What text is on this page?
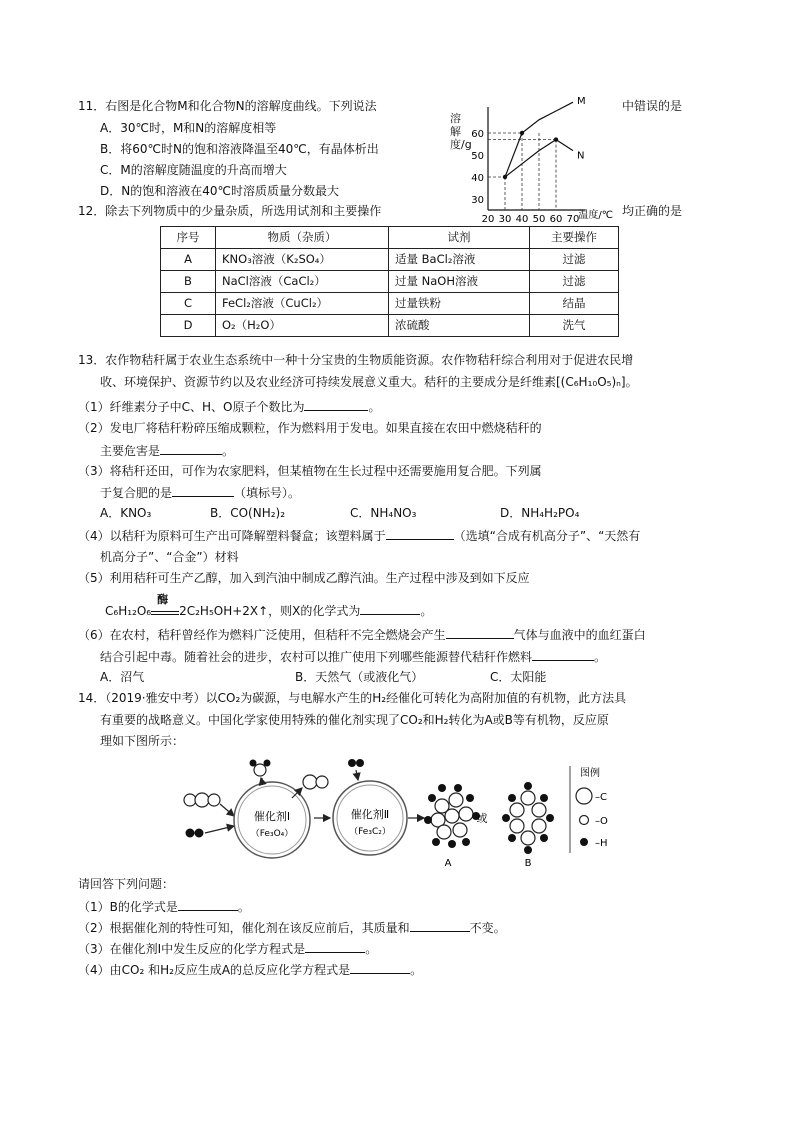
11．右图是化合物M和化合物N的溶解度曲线。下列说法	中错误的是
A．30℃时，M和N的溶解度相等
B．将60℃时N的饱和溶液降温至40℃，有晶体析出
C．M的溶解度随温度的升高而增大
D．N的饱和溶液在40℃时溶质质量分数最大
M
N
20 30 40 50 60 70 温度/℃
30
40
50
60
溶解度/g
12．除去下列物质中的少量杂质，所选用试剂和主要操作	均正确的是
序号	物质（杂质）	试剂	主要操作
A	KNO₃溶液（K₂SO₄）	适量 BaCl₂溶液	过滤
B	NaCl溶液（CaCl₂）	过量 NaOH溶液	过滤
C	FeCl₂溶液（CuCl₂）	过量铁粉	结晶
D	O₂（H₂O）	浓硫酸	洗气
13．农作物秸秆属于农业生态系统中一种十分宝贵的生物质能资源。农作物秸秆综合利用对于促进农民增
收、环境保护、资源节约以及农业经济可持续发展意义重大。秸秆的主要成分是纤维素[(C₆H₁₀O₅)ₙ]。
（1）纤维素分子中C、H、O原子个数比为	。
（2）发电厂将秸秆粉碎压缩成颗粒，作为燃料用于发电。如果直接在农田中燃烧秸秆的
主要危害是	。
（3）将秸秆还田，可作为农家肥料，但某植物在生长过程中还需要施用复合肥。下列属
于复合肥的是	（填标号）。
A．KNO₃	B．CO(NH₂)₂	C．NH₄NO₃	D．NH₄H₂PO₄
（4）以秸秆为原料可生产出可降解塑料餐盒；该塑料属于	（选填“合成有机高分子”、“天然有
机高分子”、“合金”）材料
（5）利用秸秆可生产乙醇，加入到汽油中制成乙醇汽油。生产过程中涉及到如下反应
C₆H₁₂O₆
酶
2C₂H₅OH+2X↑，则X的化学式为	。
（6）在农村，秸秆曾经作为燃料广泛使用，但秸秆不完全燃烧会产生	气体与血液中的血红蛋白
结合引起中毒。随着社会的进步，农村可以推广使用下列哪些能源替代秸秆作燃料	。
A．沼气	B．天然气（或液化气）	C．太阳能
14．（2019·雅安中考）以CO₂为碳源，与电解水产生的H₂经催化可转化为高附加值的有机物，此方法具
有重要的战略意义。中国化学家使用特殊的催化剂实现了CO₂和H₂转化为A或B等有机物，反应原
理如下图所示：
催化剂Ⅰ
（Fe₃O₄）
催化剂Ⅱ
（Fe₃C₂）
A
或
B
图例
–C
–O
–H
请回答下列问题：
（1）B的化学式是	。
（2）根据催化剂的特性可知，催化剂在该反应前后，其质量和	不变。
（3）在催化剂Ⅰ中发生反应的化学方程式是	。
（4）由CO₂ 和H₂反应生成A的总反应化学方程式是	。
